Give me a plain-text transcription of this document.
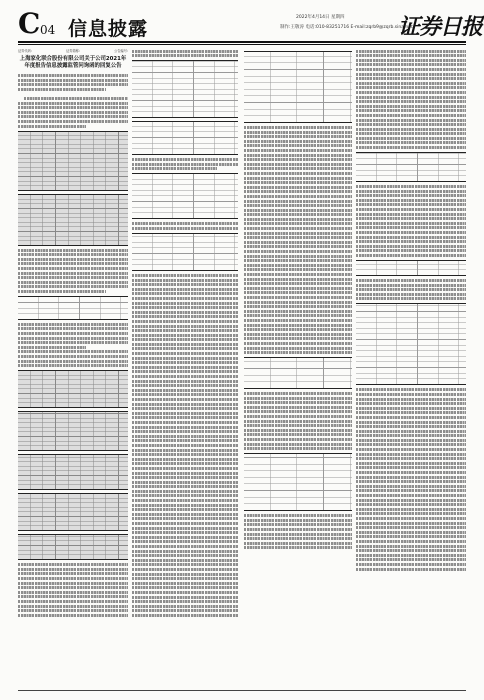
C 04 信息披露
2022年4月14日 星期四
制作:王敬涛 电话:010-83251716 E-mail:zqrb9@zqrb.sina.net
证券日报
证券代码:	证券简称:	公告编号:
上海家化联合股份有限公司关于公司2021年年度报告信息披露监管问询函的回复公告
